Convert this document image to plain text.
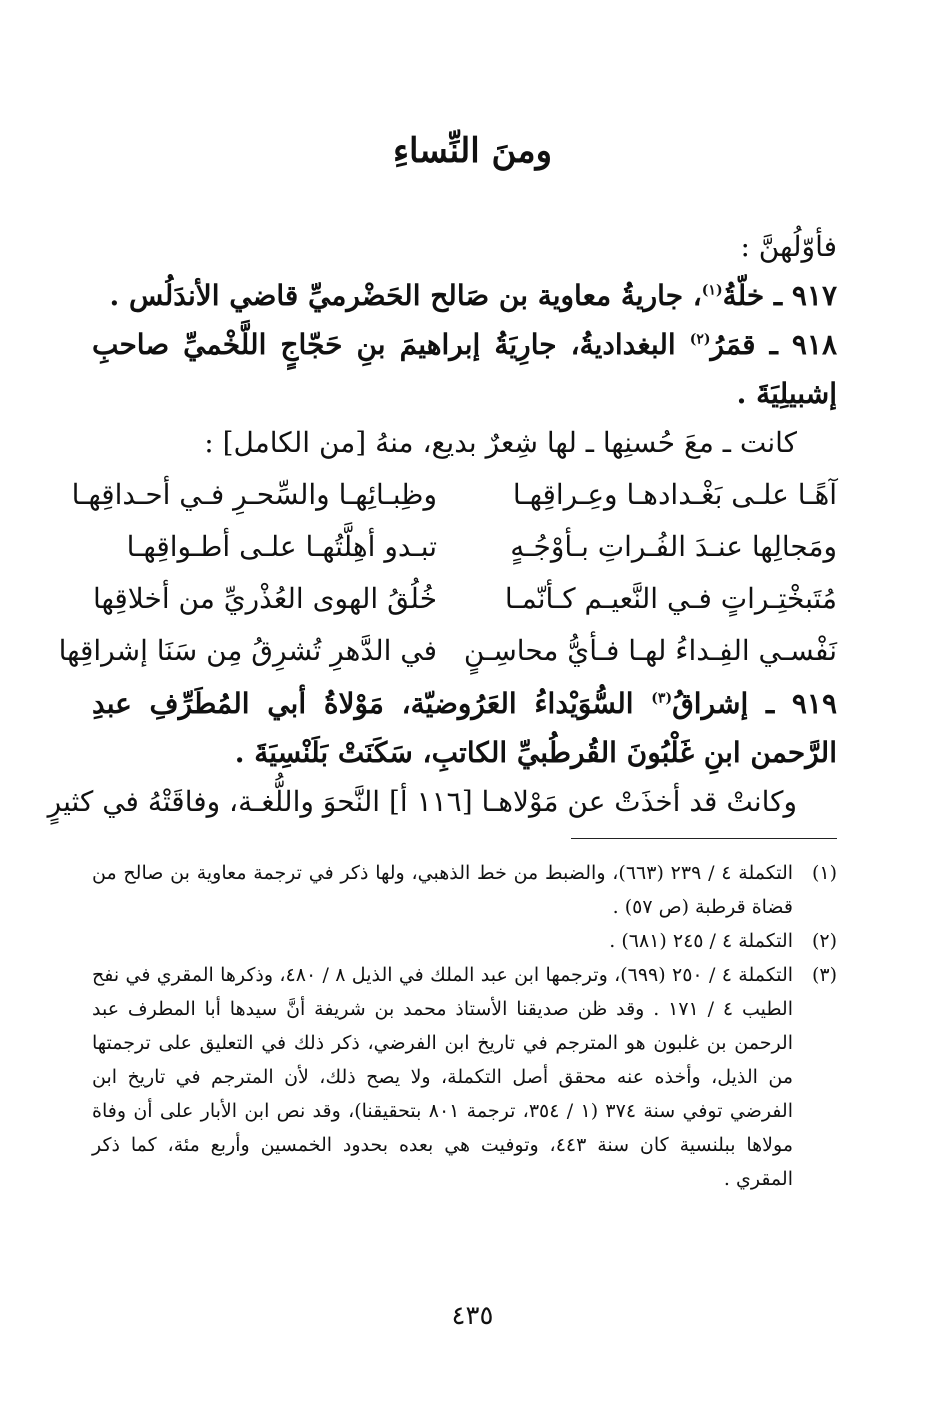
ومنَ النِّساءِ
فأوّلُهنَّ :
٩١٧ ـ خلّةُ$^{(١)}$، جاريةُ معاوية بن صَالح الحَضْرميِّ قاضي الأندَلُس .
٩١٨ ـ قمَرُ$^{(٢)}$ البغداديةُ، جارِيَةُ إبراهيمَ بنِ حَجّاجٍ اللَّخْميِّ صاحبِ إشبيلِيَةَ .
كانت ـ معَ حُسنِها ـ لها شِعرٌ بديع، منهُ [من الكامل] :
آهًـا علـى بَغْـدادهـا وعِـراقِهـا
وظِبـائِهـا والسِّحـرِ فـي أحـداقِهـا
ومَجالِها عنـدَ الفُـراتِ بـأوْجُـهٍ
تبـدو أهِلَّتُهـا علـى أطـواقِهـا
مُتَبخْتِـراتٍ فـي النَّعيـم كـأنّمـا
خُلُقُ الهوى العُذْريِّ من أخلاقِها
نَفْسـي الفِـداءُ لهـا فـأيُّ محاسِـنٍ
في الدَّهرِ تُشرِقُ مِن سَنَا إشراقِها
٩١٩ ـ إشراقُ$^{(٣)}$ السُّوَيْداءُ العَرُوضيّة، مَوْلاةُ أبي المُطَرِّفِ عبدِ الرَّحمن ابنِ غَلْبُونَ القُرطُبيِّ الكاتبِ، سَكَنَتْ بَلَنْسِيَةَ .
وكانتْ قد أخذَتْ عن مَوْلاهـا [١١٦ أ] النَّحوَ واللُّغـة، وفاقَتْهُ في كثيرٍ
(١)
التكملة ٤ / ٢٣٩ (٦٦٣)، والضبط من خط الذهبي، ولها ذكر في ترجمة معاوية بن صالح من قضاة قرطبة (ص ٥٧) .
(٢)
التكملة ٤ / ٢٤٥ (٦٨١) .
(٣)
التكملة ٤ / ٢٥٠ (٦٩٩)، وترجمها ابن عبد الملك في الذيل ٨ / ٤٨٠، وذكرها المقري في نفح الطيب ٤ / ١٧١ . وقد ظن صديقنا الأستاذ محمد بن شريفة أنَّ سيدها أبا المطرف عبد الرحمن بن غلبون هو المترجم في تاريخ ابن الفرضي، ذكر ذلك في التعليق على ترجمتها من الذيل، وأخذه عنه محقق أصل التكملة، ولا يصح ذلك، لأن المترجم في تاريخ ابن الفرضي توفي سنة ٣٧٤ (١ / ٣٥٤، ترجمة ٨٠١ بتحقيقنا)، وقد نص ابن الأبار على أن وفاة مولاها ببلنسية كان سنة ٤٤٣، وتوفيت هي بعده بحدود الخمسين وأربع مئة، كما ذكر المقري .
٤٣٥
